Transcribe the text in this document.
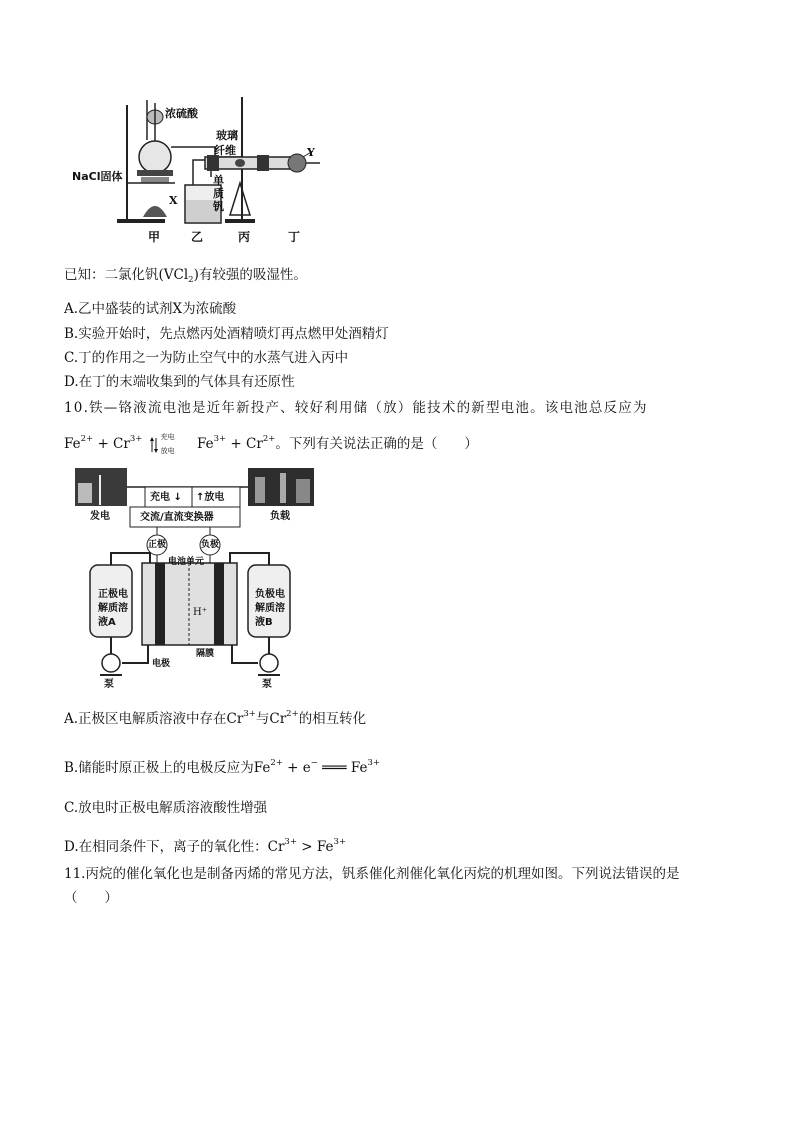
浓硫酸
NaCl固体
玻璃
纤维
单
质
钒
X
Y
甲	乙	丙	丁
已知：二氯化钒(VCl$_2$)有较强的吸湿性。
A.乙中盛装的试剂X为浓硫酸
B.实验开始时，先点燃丙处酒精喷灯再点燃甲处酒精灯
C.丁的作用之一为防止空气中的水蒸气进入丙中
D.在丁的末端收集到的气体具有还原性
10.铁—铬液流电池是近年新投产、较好利用储（放）能技术的新型电池。该电池总反应为
$Fe^{2+} + Cr^{3+}$	充电
放电 $Fe^{3+} + Cr^{2+}$。下列有关说法正确的是（　　）
发电	负载
充电 ↓ ↑放电
交流/直流变换器
正极	负极
电池单元
正极电
解质溶
液A
负极电
解质溶
液B
H⁺
电极
隔膜
泵	泵
A.正极区电解质溶液中存在$Cr^{3+}$与$Cr^{2+}$的相互转化
B.储能时原正极上的电极反应为$Fe^{2+} + e^-$ ═══ $Fe^{3+}$
C.放电时正极电解质溶液酸性增强
D.在相同条件下，离子的氧化性：$Cr^{3+} > Fe^{3+}$
11.丙烷的催化氧化也是制备丙烯的常见方法，钒系催化剂催化氧化丙烷的机理如图。下列说法错误的是
（　　）
